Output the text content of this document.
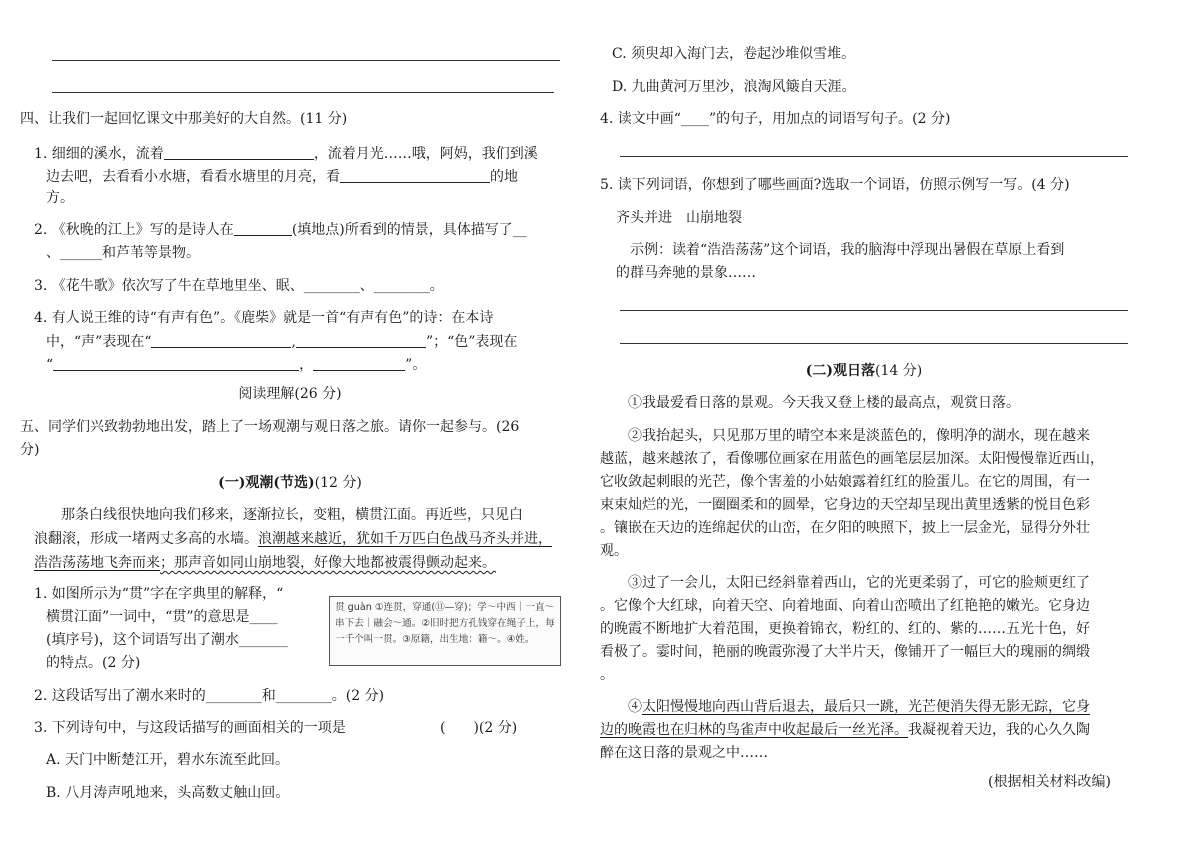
四、让我们一起回忆课文中那美好的大自然。(11 分)
1. 细细的溪水，流着	，流着月光……哦，阿妈，我们到溪
边去吧，去看看小水塘，看看水塘里的月亮，看	的地
方。
2. 《秋晚的江上》写的是诗人在	(填地点)所看到的情景，具体描写了__
、______和芦苇等景物。
3. 《花牛歌》依次写了牛在草地里坐、眠、________、________。
4. 有人说王维的诗“有声有色”。《鹿柴》就是一首“有声有色”的诗：在本诗
中，“声”表现在“	,	”；“色”表现在
“	，	”。
阅读理解(26 分)
五、同学们兴致勃勃地出发，踏上了一场观潮与观日落之旅。请你一起参与。(26
分)
(一)观潮(节选)(12 分)
那条白线很快地向我们移来，逐渐拉长，变粗，横贯江面。再近些，只见白
浪翻滚，形成一堵两丈多高的水墙。浪潮越来越近，犹如千万匹白色战马齐头并进，
浩浩荡荡地飞奔而来；那声音如同山崩地裂，好像大地都被震得颤动起来。
1. 如图所示为“贯”字在字典里的解释，“
横贯江面”一词中，“贯”的意思是____
(填序号)，这个词语写出了潮水_______
的特点。(2 分)
贯 guàn ①连贯，穿通(⑪—穿)；学～中西｜一直～串下去｜融会～通。②旧时把方孔钱穿在绳子上，每一千个叫一贯。③原籍，出生地：籍～。④姓。
2. 这段话写出了潮水来时的________和________。(2 分)
3. 下列诗句中，与这段话描写的画面相关的一项是	(　　)(2 分)
A. 天门中断楚江开，碧水东流至此回。
B. 八月涛声吼地来，头高数丈触山回。
C. 须臾却入海门去，卷起沙堆似雪堆。
D. 九曲黄河万里沙，浪淘风簸自天涯。
4. 读文中画“____”的句子，用加点的词语写句子。(2 分)
5. 读下列词语，你想到了哪些画面?选取一个词语，仿照示例写一写。(4 分)
齐头并进　山崩地裂
示例：读着“浩浩荡荡”这个词语，我的脑海中浮现出暑假在草原上看到
的群马奔驰的景象……
(二)观日落(14 分)
①我最爱看日落的景观。今天我又登上楼的最高点，观赏日落。
②我抬起头，只见那万里的晴空本来是淡蓝色的，像明净的湖水，现在越来
越蓝，越来越浓了，看像哪位画家在用蓝色的画笔层层加深。太阳慢慢靠近西山，
它收敛起刺眼的光芒，像个害羞的小姑娘露着红红的脸蛋儿。在它的周围，有一
束束灿烂的光，一圈圈柔和的圆晕，它身边的天空却呈现出黄里透紫的悦目色彩
。镶嵌在天边的连绵起伏的山峦，在夕阳的映照下，披上一层金光，显得分外壮
观。
③过了一会儿，太阳已经斜靠着西山，它的光更柔弱了，可它的脸颊更红了
。它像个大红球，向着天空、向着地面、向着山峦喷出了红艳艳的嫩光。它身边
的晚霞不断地扩大着范围，更换着锦衣，粉红的、红的、紫的……五光十色，好
看极了。霎时间，艳丽的晚霞弥漫了大半片天，像铺开了一幅巨大的瑰丽的绸缎
。
④太阳慢慢地向西山背后退去，最后只一跳，光芒便消失得无影无踪，它身
边的晚霞也在归林的鸟雀声中收起最后一丝光泽。我凝视着天边，我的心久久陶
醉在这日落的景观之中……
(根据相关材料改编)
